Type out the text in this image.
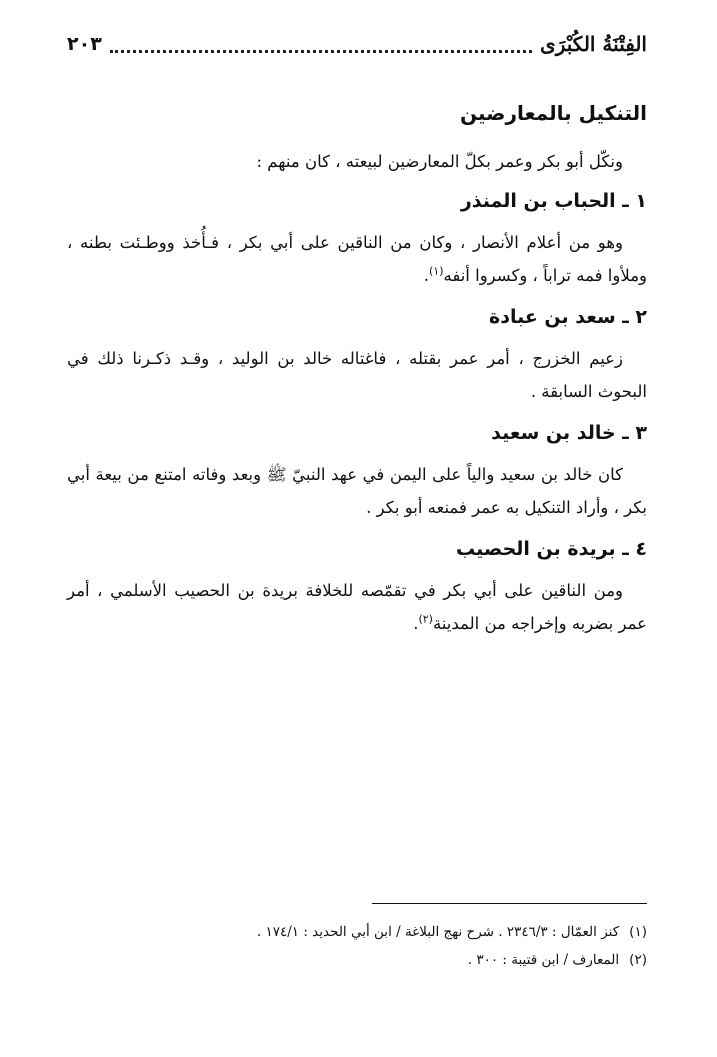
الفِتْنَةُ الكُبْرَى
٢٠٣
التنكيل بالمعارضين

ونكّل أبو بكر وعمر بكلّ المعارضين لبيعته ، كان منهم :

١ ـ الحباب بن المنذر

وهو من أعلام الأنصار ، وكان من الناقين على أبي بكر ، فـأُخذ ووطـئت بطنه ، وملأوا فمه تراباً ، وكسروا أنفه$^{(١)}$.

٢ ـ سعد بن عبادة

زعيم الخزرج ، أمر عمر بقتله ، فاغتاله خالد بن الوليد ، وقـد ذكـرنا ذلك في البحوث السابقة .

٣ ـ خالد بن سعيد

كان خالد بن سعيد والياً على اليمن في عهد النبيّ ﷺ وبعد وفاته امتنع من بيعة أبي بكر ، وأراد التنكيل به عمر فمنعه أبو بكر .

٤ ـ بريدة بن الحصيب

ومن الناقين على أبي بكر في تقمّصه للخلافة بريدة بن الحصيب الأسلمي ، أمر عمر بضربه وإخراجه من المدينة$^{(٢)}$.

(١)
كنز العمّال : ٢٣٤٦/٣ . شرح نهج البلاغة / ابن أبي الحديد : ١٧٤/١ .
(٢)
المعارف / ابن قتيبة : ٣٠٠ .
